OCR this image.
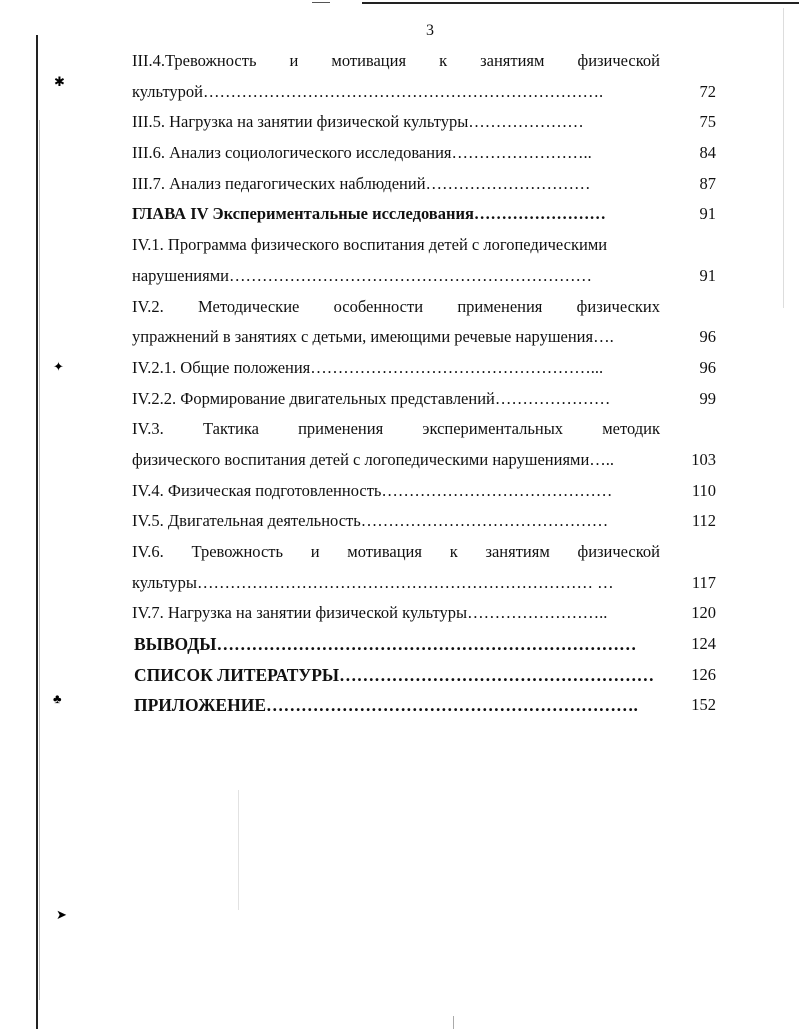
✱
✦
♣
➤
3
III.4.Тревожность и мотивация к занятиям физической
культурой……………………………………………………………….	72
III.5. Нагрузка на занятии физической культуры…………………	75
III.6. Анализ социологического исследования……………………..	84
III.7. Анализ педагогических наблюдений…………………………	87
ГЛАВА IV Экспериментальные исследования……………………	91
IV.1. Программа физического воспитания детей с логопедическими
нарушениями…………………………………………………………	91
IV.2. Методические особенности применения физических
упражнений в занятиях с детьми, имеющими речевые нарушения….	96
IV.2.1. Общие положения……………………………………………...	96
IV.2.2. Формирование двигательных представлений…………………	99
IV.3. Тактика применения экспериментальных методик
физического воспитания детей с логопедическими нарушениями…..	103
IV.4. Физическая подготовленность……………………………………	110
IV.5. Двигательная деятельность………………………………………	112
IV.6. Тревожность и мотивация к занятиям физической
культуры……………………………………………………………… …	117
IV.7. Нагрузка на занятии физической культуры……………………..	120
ВЫВОДЫ………………………………………………………………	124
СПИСОК ЛИТЕРАТУРЫ……………………………………………… 126
ПРИЛОЖЕНИЕ……………………………………………………….	152
